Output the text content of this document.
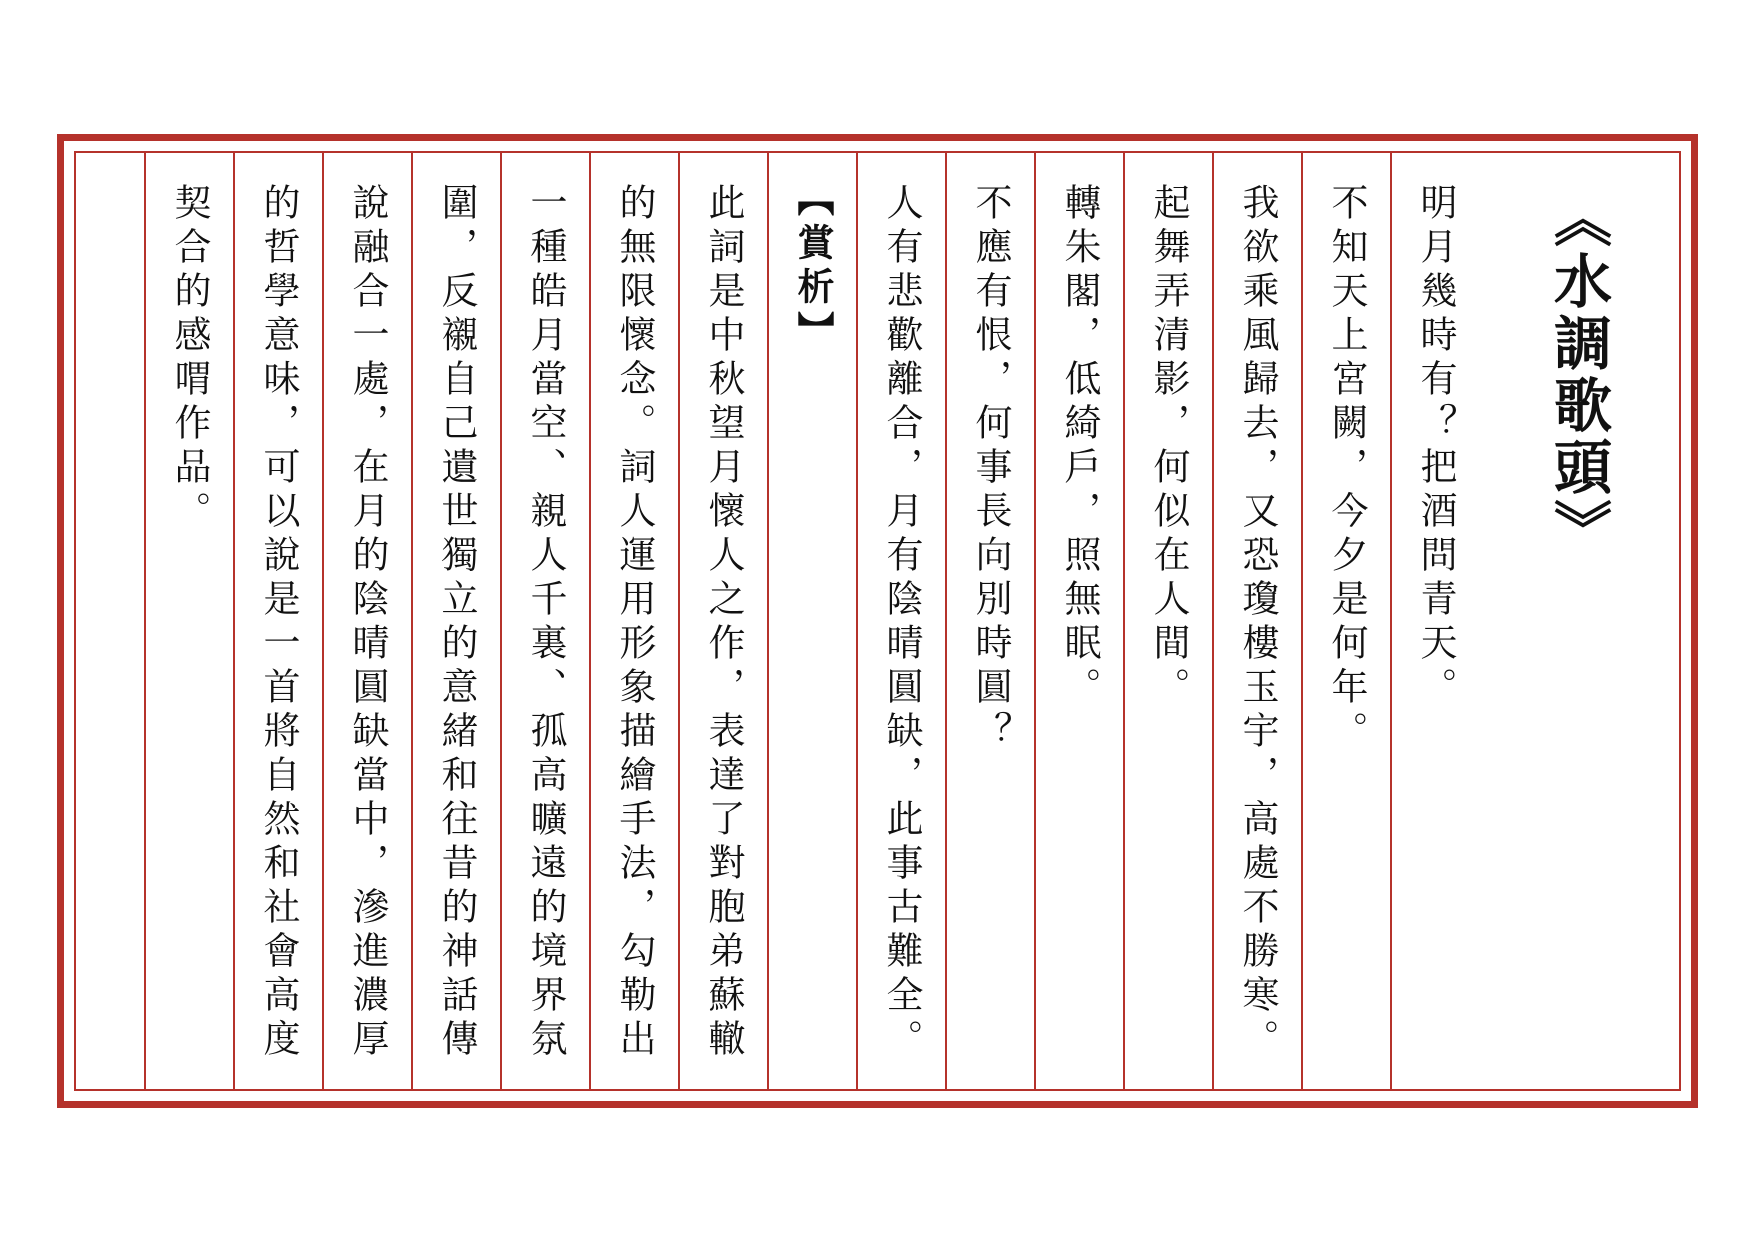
《水調歌頭》
明月幾時有？把酒問青天。
不知天上宮闕，今夕是何年。
我欲乘風歸去，又恐瓊樓玉宇，高處不勝寒。
起舞弄清影，何似在人間。
轉朱閣，低綺戶，照無眠。
不應有恨，何事長向別時圓？
人有悲歡離合，月有陰晴圓缺，此事古難全。
【賞析】
此詞是中秋望月懷人之作，表達了對胞弟蘇轍
的無限懷念。詞人運用形象描繪手法，勾勒出
一種皓月當空、親人千裏、孤高曠遠的境界氛
圍，反襯自己遺世獨立的意緒和往昔的神話傳
說融合一處，在月的陰晴圓缺當中，滲進濃厚
的哲學意味，可以說是一首將自然和社會高度
契合的感喟作品。
